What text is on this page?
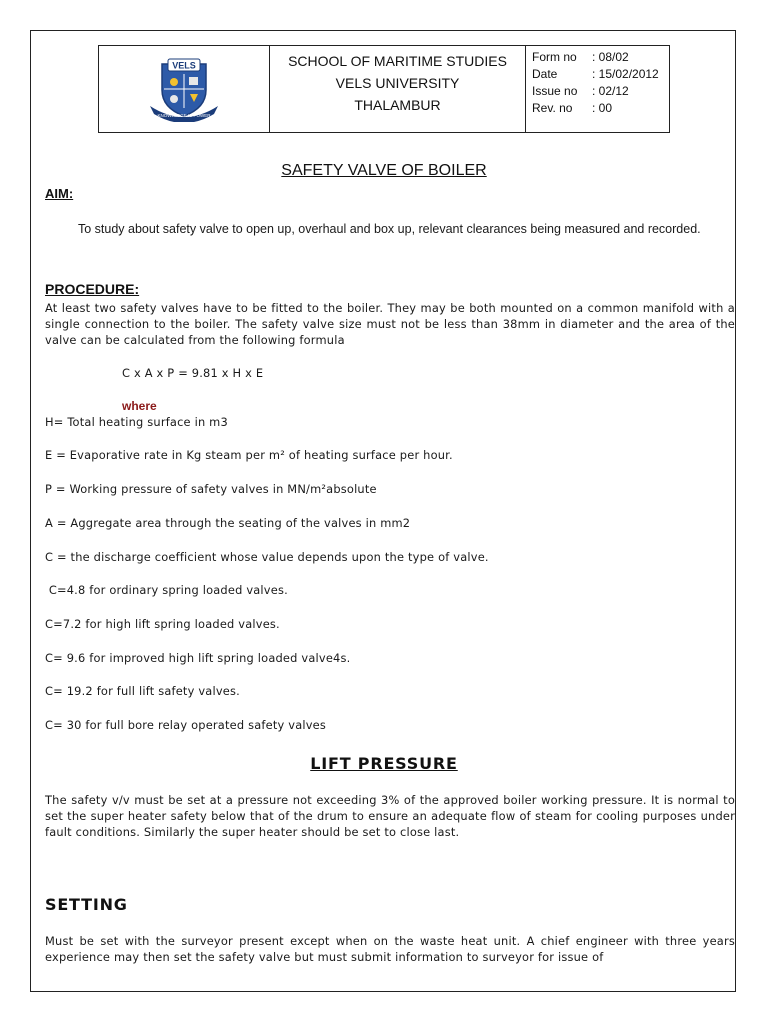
VELS
KNOWLEDGE IS POWER
SCHOOL OF MARITIME STUDIES
VELS UNIVERSITY
THALAMBUR
Form no	: 08/02
Date	: 15/02/2012
Issue no	: 02/12
Rev. no	: 00
SAFETY VALVE OF BOILER
AIM:
To study about safety valve to open up, overhaul and box up, relevant clearances being measured and recorded.
PROCEDURE:
At least two safety valves have to be fitted to the boiler. They may be both mounted on a common manifold with a single connection to the boiler. The safety valve size must not be less than 38mm in diameter and the area of the valve can be calculated from the following formula
C x A x P = 9.81 x H x E
where
H= Total heating surface in m3
E = Evaporative rate in Kg steam per m² of heating surface per hour.
P = Working pressure of safety valves in MN/m²absolute
A = Aggregate area through the seating of the valves in mm2
C = the discharge coefficient whose value depends upon the type of valve.
C=4.8 for ordinary spring loaded valves.
C=7.2 for high lift spring loaded valves.
C= 9.6 for improved high lift spring loaded valve4s.
C= 19.2 for full lift safety valves.
C= 30 for full bore relay operated safety valves
LIFT PRESSURE
The safety v/v must be set at a pressure not exceeding 3% of the approved boiler working pressure. It is normal to set the super heater safety below that of the drum to ensure an adequate flow of steam for cooling purposes under fault conditions. Similarly the super heater should be set to close last.
SETTING
Must be set with the surveyor present except when on the waste heat unit. A chief engineer with three years experience may then set the safety valve but must submit information to surveyor for issue of
